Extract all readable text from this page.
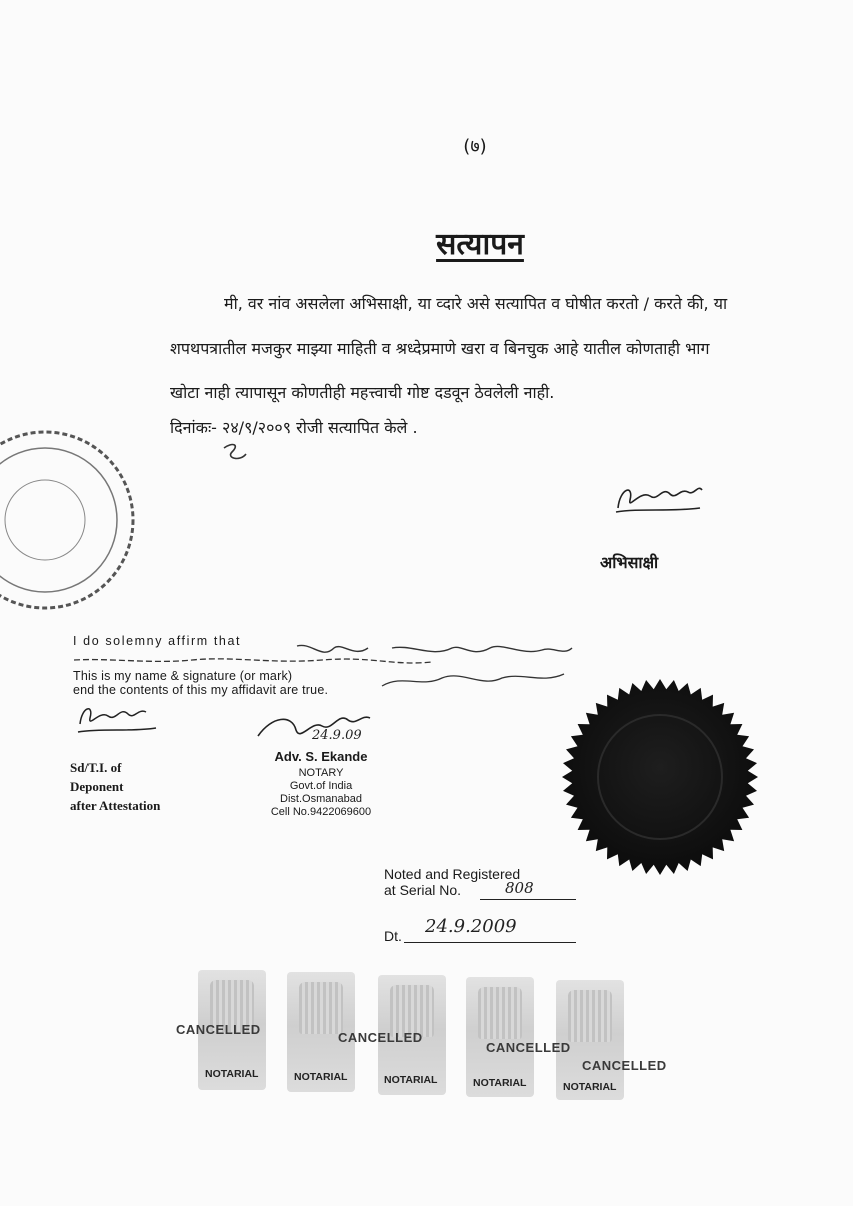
(७)
सत्यापन
मी, वर नांव असलेला अभिसाक्षी, या व्दारे असे सत्यापित व घोषीत करतो / करते की, या
शपथपत्रातील मजकुर माझ्या माहिती व श्रध्देप्रमाणे खरा व बिनचुक आहे यातील कोणताही भाग
खोटा नाही त्यापासून कोणतीही महत्त्वाची गोष्ट दडवून ठेवलेली नाही.
दिनांकः- २४/९/२००९ रोजी सत्यापित केले .
अभिसाक्षी
I do solemny affirm that
This is my name & signature (or mark)
end the contents of this my affidavit are true.
Sd/T.I. of
Deponent
after Attestation
24.9.09
Adv. S. Ekande
NOTARY
Govt.of India
Dist.Osmanabad
Cell No.9422069600
Noted and Registered
at Serial No.	808
Dt. 24.9.2009
CANCELLED
CANCELLED
CANCELLED
CANCELLED
NOTARIAL	NOTARIAL	NOTARIAL	NOTARIAL	NOTARIAL
